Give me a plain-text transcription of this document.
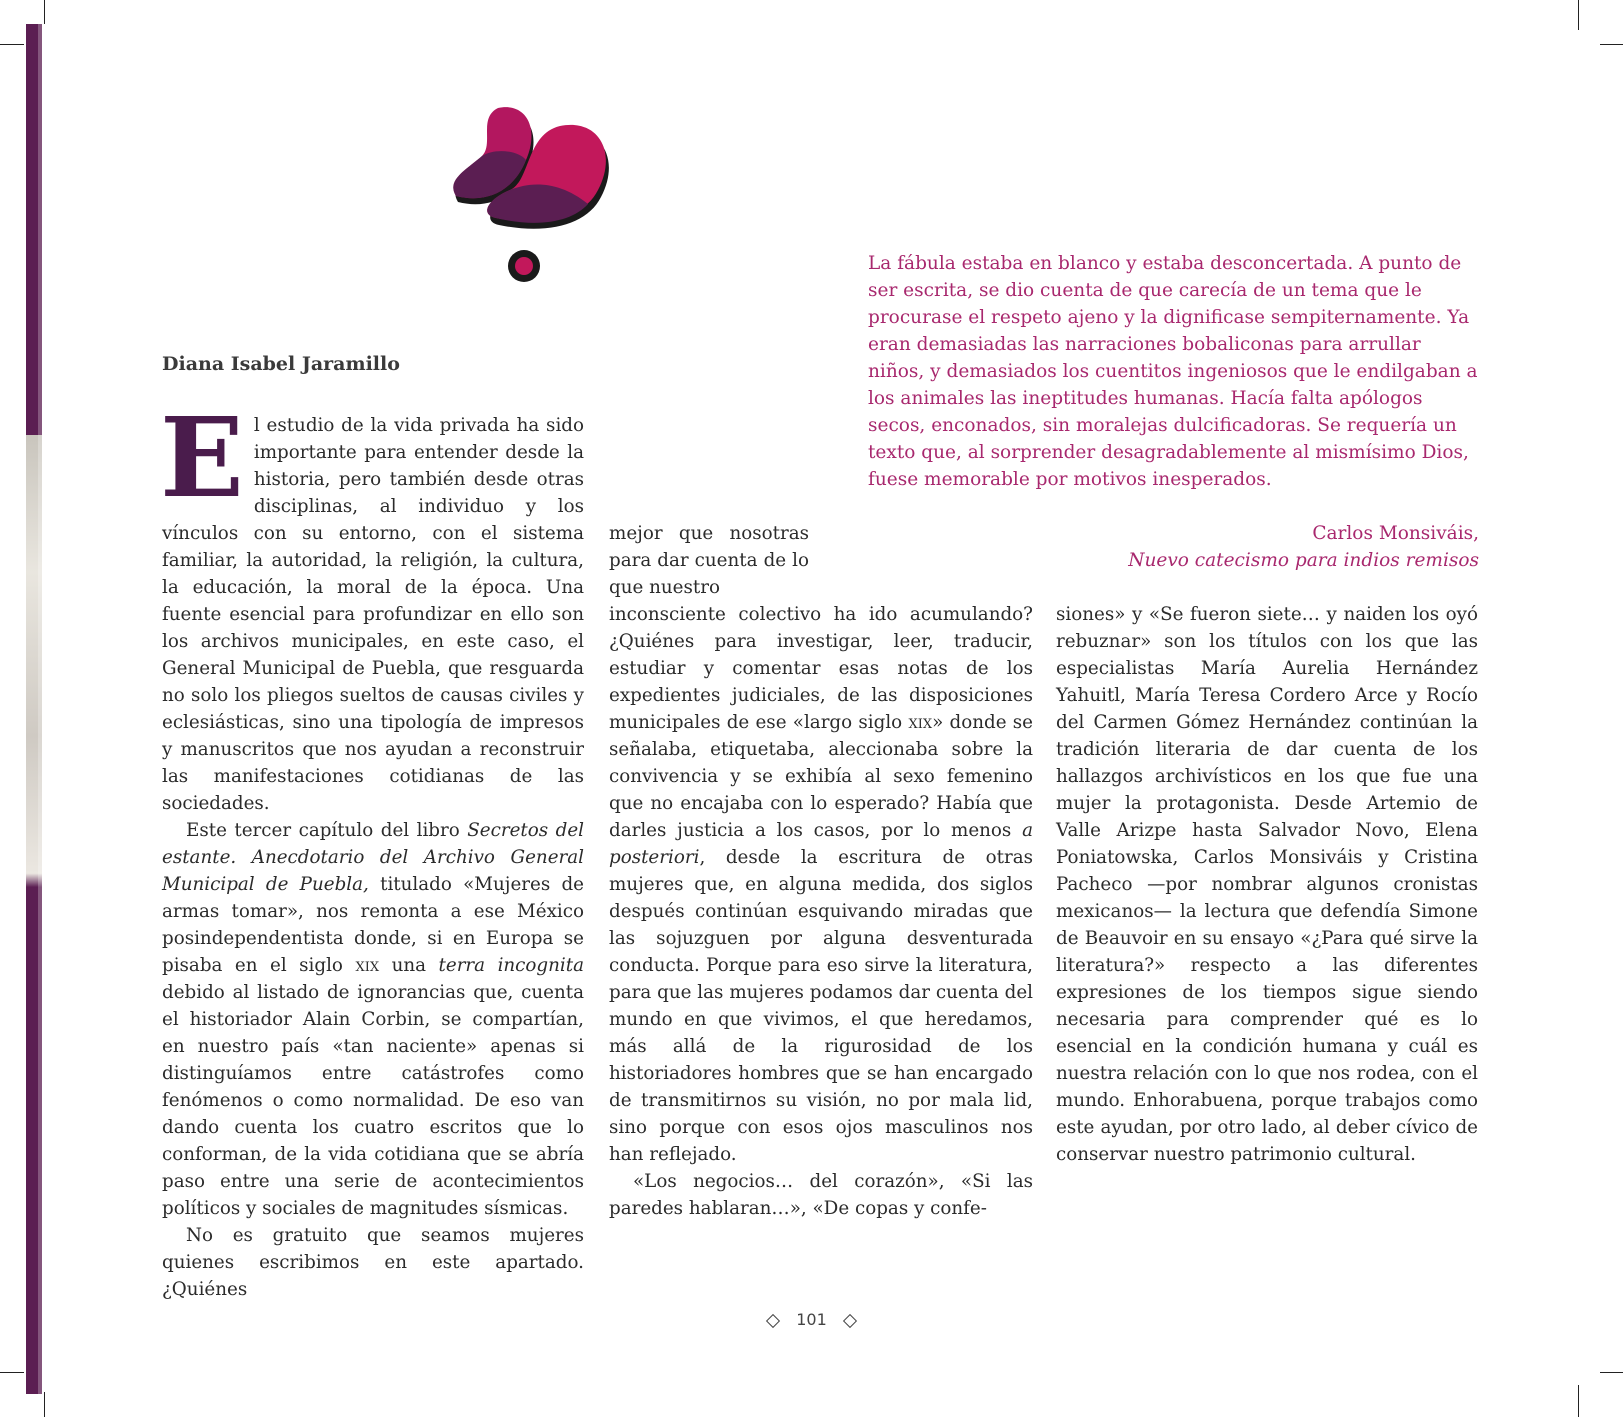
La fábula estaba en blanco y estaba desconcertada. A punto de ser escrita, se dio cuenta de que carecía de un tema que le procurase el respeto ajeno y la dignificase sempiternamente. Ya eran demasiadas las narraciones bobaliconas para arrullar niños, y demasiados los cuentitos ingeniosos que le endilgaban a los animales las ineptitudes humanas. Hacía falta apólogos secos, enconados, sin moralejas dulcificadoras. Se requería un texto que, al sorprender desagradablemente al mismísimo Dios, fuese memorable por motivos inesperados.

Carlos Monsiváis,
Nuevo catecismo para indios remisos
Diana Isabel Jaramillo

El estudio de la vida privada ha sido importante para entender desde la historia, pero también desde otras disciplinas, al individuo y los vínculos con su entorno, con el sistema familiar, la autoridad, la religión, la cultura, la educación, la moral de la época. Una fuente esencial para profundizar en ello son los archivos municipales, en este caso, el General Municipal de Puebla, que resguarda no solo los pliegos sueltos de causas civiles y eclesiásticas, sino una tipología de impresos y manuscritos que nos ayudan a reconstruir las manifestaciones cotidianas de las sociedades.

Este tercer capítulo del libro Secretos del estante. Anecdotario del Archivo General Municipal de Puebla, titulado «Mujeres de armas tomar», nos remonta a ese México posindependentista donde, si en Europa se pisaba en el siglo xix una terra incognita debido al listado de ignorancias que, cuenta el historiador Alain Corbin, se compartían, en nuestro país «tan naciente» apenas si distinguíamos entre catástrofes como fenómenos o como normalidad. De eso van dando cuenta los cuatro escritos que lo conforman, de la vida cotidiana que se abría paso entre una serie de acontecimientos políticos y sociales de magnitudes sísmicas.

No es gratuito que seamos mujeres quienes escribimos en este apartado. ¿Quiénes

mejor que nosotras para dar cuenta de lo que nuestro

inconsciente colectivo ha ido acumulando? ¿Quiénes para investigar, leer, traducir, estudiar y comentar esas notas de los expedientes judiciales, de las disposiciones municipales de ese «largo siglo xix» donde se señalaba, etiquetaba, aleccionaba sobre la convivencia y se exhibía al sexo femenino que no encajaba con lo esperado? Había que darles justicia a los casos, por lo menos a posteriori, desde la escritura de otras mujeres que, en alguna medida, dos siglos después continúan esquivando miradas que las sojuzguen por alguna desventurada conducta. Porque para eso sirve la literatura, para que las mujeres podamos dar cuenta del mundo en que vivimos, el que heredamos, más allá de la rigurosidad de los historiadores hombres que se han encargado de transmitirnos su visión, no por mala lid, sino porque con esos ojos masculinos nos han reflejado.

«Los negocios… del corazón», «Si las paredes hablaran…», «De copas y confe-

siones» y «Se fueron siete… y naiden los oyó rebuznar» son los títulos con los que las especialistas María Aurelia Hernández Yahuitl, María Teresa Cordero Arce y Rocío del Carmen Gómez Hernández continúan la tradición literaria de dar cuenta de los hallazgos archivísticos en los que fue una mujer la protagonista. Desde Artemio de Valle Arizpe hasta Salvador Novo, Elena Poniatowska, Carlos Monsiváis y Cristina Pacheco —por nombrar algunos cronistas mexicanos— la lectura que defendía Simone de Beauvoir en su ensayo «¿Para qué sirve la literatura?» respecto a las diferentes expresiones de los tiempos sigue siendo necesaria para comprender qué es lo esencial en la condición humana y cuál es nuestra relación con lo que nos rodea, con el mundo. Enhorabuena, porque trabajos como este ayudan, por otro lado, al deber cívico de conservar nuestro patrimonio cultural.

101
